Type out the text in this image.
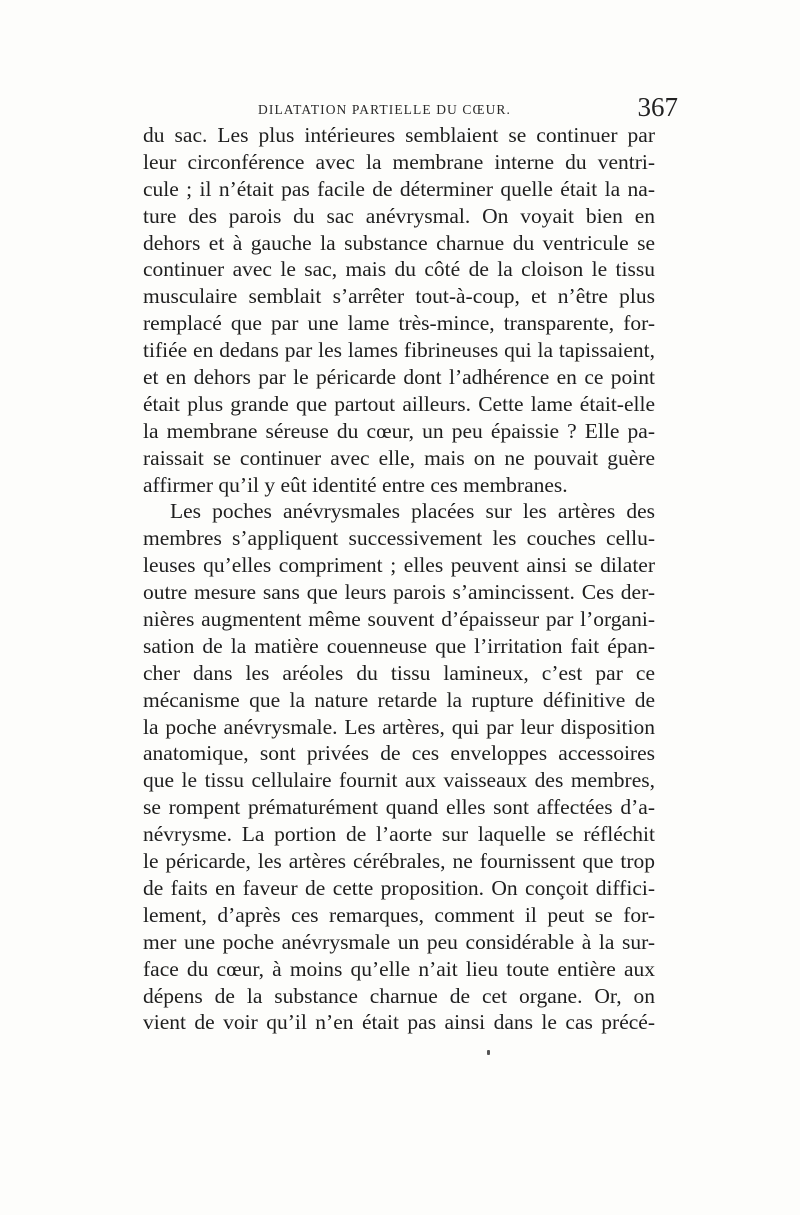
DILATATION PARTIELLE DU CŒUR.	367
du sac. Les plus intérieures semblaient se continuer par
leur circonférence avec la membrane interne du ventri-
cule ; il n’était pas facile de déterminer quelle était la na-
ture des parois du sac anévrysmal. On voyait bien en
dehors et à gauche la substance charnue du ventricule se
continuer avec le sac, mais du côté de la cloison le tissu
musculaire semblait s’arrêter tout-à-coup, et n’être plus
remplacé que par une lame très-mince, transparente, for-
tifiée en dedans par les lames fibrineuses qui la tapissaient,
et en dehors par le péricarde dont l’adhérence en ce point
était plus grande que partout ailleurs. Cette lame était-elle
la membrane séreuse du cœur, un peu épaissie ? Elle pa-
raissait se continuer avec elle, mais on ne pouvait guère
affirmer qu’il y eût identité entre ces membranes.
Les poches anévrysmales placées sur les artères des
membres s’appliquent successivement les couches cellu-
leuses qu’elles compriment ; elles peuvent ainsi se dilater
outre mesure sans que leurs parois s’amincissent. Ces der-
nières augmentent même souvent d’épaisseur par l’organi-
sation de la matière couenneuse que l’irritation fait épan-
cher dans les aréoles du tissu lamineux, c’est par ce
mécanisme que la nature retarde la rupture définitive de
la poche anévrysmale. Les artères, qui par leur disposition
anatomique, sont privées de ces enveloppes accessoires
que le tissu cellulaire fournit aux vaisseaux des membres,
se rompent prématurément quand elles sont affectées d’a-
névrysme. La portion de l’aorte sur laquelle se réfléchit
le péricarde, les artères cérébrales, ne fournissent que trop
de faits en faveur de cette proposition. On conçoit diffici-
lement, d’après ces remarques, comment il peut se for-
mer une poche anévrysmale un peu considérable à la sur-
face du cœur, à moins qu’elle n’ait lieu toute entière aux
dépens de la substance charnue de cet organe. Or, on
vient de voir qu’il n’en était pas ainsi dans le cas précé-
